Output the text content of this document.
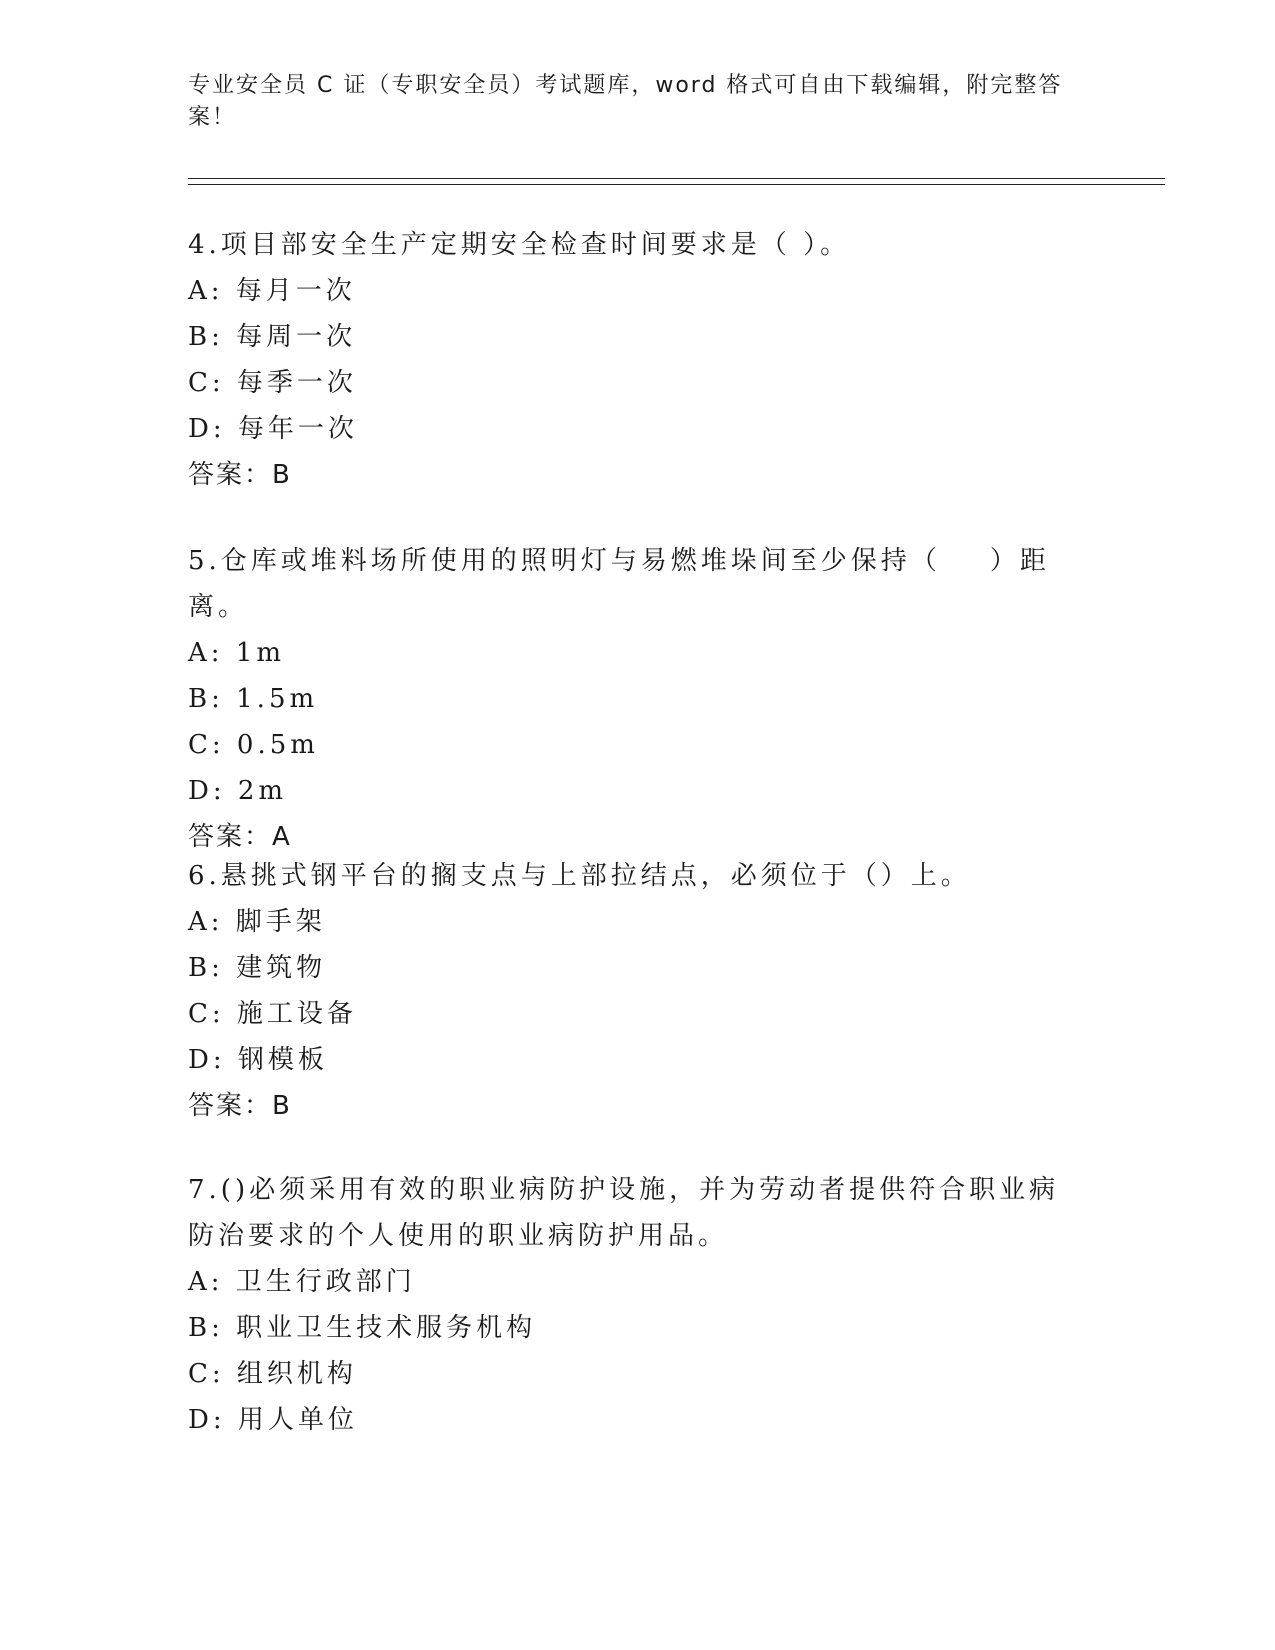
专业安全员 C 证（专职安全员）考试题库，word 格式可自由下载编辑，附完整答案！
4.项目部安全生产定期安全检查时间要求是（ ）。
A: 每月一次
B: 每周一次
C: 每季一次
D: 每年一次
答案：B
5.仓库或堆料场所使用的照明灯与易燃堆垛间至少保持（    ）距离。
A: 1m
B: 1.5m
C: 0.5m
D: 2m
答案：A
6.悬挑式钢平台的搁支点与上部拉结点，必须位于（）上。
A: 脚手架
B: 建筑物
C: 施工设备
D: 钢模板
答案：B
7.()必须采用有效的职业病防护设施，并为劳动者提供符合职业病防治要求的个人使用的职业病防护用品。
A: 卫生行政部门
B: 职业卫生技术服务机构
C: 组织机构
D: 用人单位
